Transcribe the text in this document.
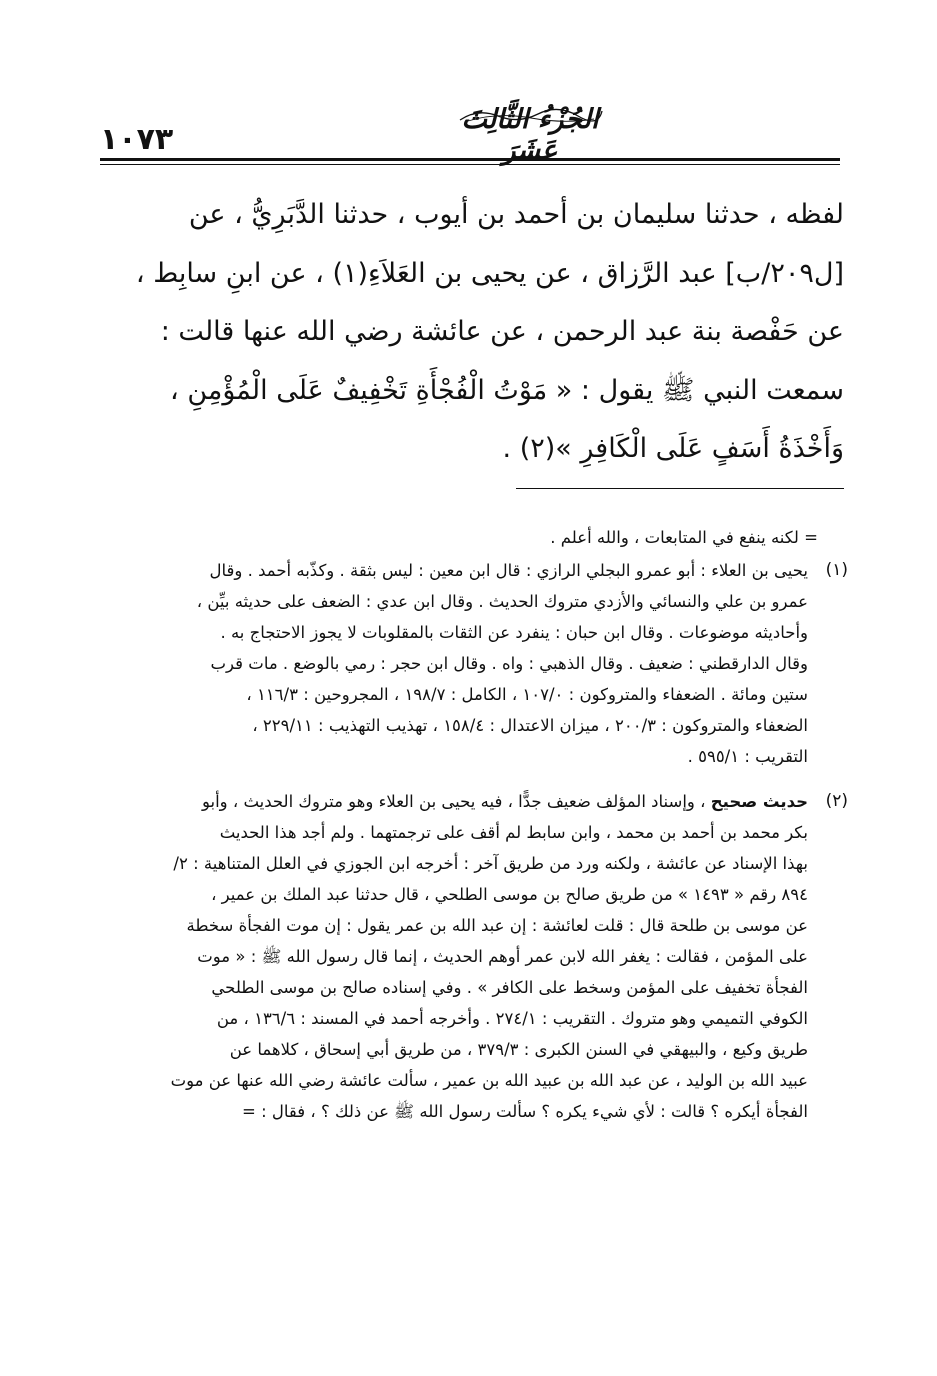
١٠٧٣
الجُزْءُ الثَّالِثَ عَشَرَ
لفظه ، حدثنا سليمان بن أحمد بن أيوب ، حدثنا الدَّبَرِيُّ ، عن
[ل٢٠٩/ب] عبد الرَّزاق ، عن يحيى بن العَلاَءِ(١) ، عن ابنِ سابِط ،
عن حَفْصة بنة عبد الرحمن ، عن عائشة رضي الله عنها قالت :
سمعت النبي ﷺ يقول : « مَوْتُ الْفُجْأَةِ تَخْفِيفٌ عَلَى الْمُؤْمِنِ ،
وَأَخْذَةُ أَسَفٍ عَلَى الْكَافِرِ »(٢) .
= لكنه ينفع في المتابعات ، والله أعلم .
(١)
يحيى بن العلاء : أبو عمرو البجلي الرازي : قال ابن معين : ليس بثقة . وكذّبه أحمد . وقال
عمرو بن علي والنسائي والأزدي متروك الحديث . وقال ابن عدي : الضعف على حديثه بيِّن ،
وأحاديثه موضوعات . وقال ابن حبان : ينفرد عن الثقات بالمقلوبات لا يجوز الاحتجاج به .
وقال الدارقطني : ضعيف . وقال الذهبي : واه . وقال ابن حجر : رمي بالوضع . مات قرب
ستين ومائة . الضعفاء والمتروكون : ١٠٧/٠ ، الكامل : ١٩٨/٧ ، المجروحين : ١١٦/٣ ،
الضعفاء والمتروكون : ٢٠٠/٣ ، ميزان الاعتدال : ١٥٨/٤ ، تهذيب التهذيب : ٢٢٩/١١ ،
التقريب : ٥٩٥/١ .
(٢)
حديث صحيح ، وإسناد المؤلف ضعيف جدًّا ، فيه يحيى بن العلاء وهو متروك الحديث ، وأبو
بكر محمد بن أحمد بن محمد ، وابن سابط لم أقف على ترجمتهما . ولم أجد هذا الحديث
بهذا الإسناد عن عائشة ، ولكنه ورد من طريق آخر : أخرجه ابن الجوزي في العلل المتناهية : ٢/
٨٩٤ رقم « ١٤٩٣ » من طريق صالح بن موسى الطلحي ، قال حدثنا عبد الملك بن عمير ،
عن موسى بن طلحة قال : قلت لعائشة : إن عبد الله بن عمر يقول : إن موت الفجأة سخطة
على المؤمن ، فقالت : يغفر الله لابن عمر أوهم الحديث ، إنما قال رسول الله ﷺ : « موت
الفجأة تخفيف على المؤمن وسخط على الكافر » . وفي إسناده صالح بن موسى الطلحي
الكوفي التميمي وهو متروك . التقريب : ٢٧٤/١ . وأخرجه أحمد في المسند : ١٣٦/٦ ، من
طريق وكيع ، والبيهقي في السنن الكبرى : ٣٧٩/٣ ، من طريق أبي إسحاق ، كلاهما عن
عبيد الله بن الوليد ، عن عبد الله بن عبيد الله بن عمير ، سألت عائشة رضي الله عنها عن موت
الفجأة أيكره ؟ قالت : لأي شيء يكره ؟ سألت رسول الله ﷺ عن ذلك ؟ ، فقال : =
